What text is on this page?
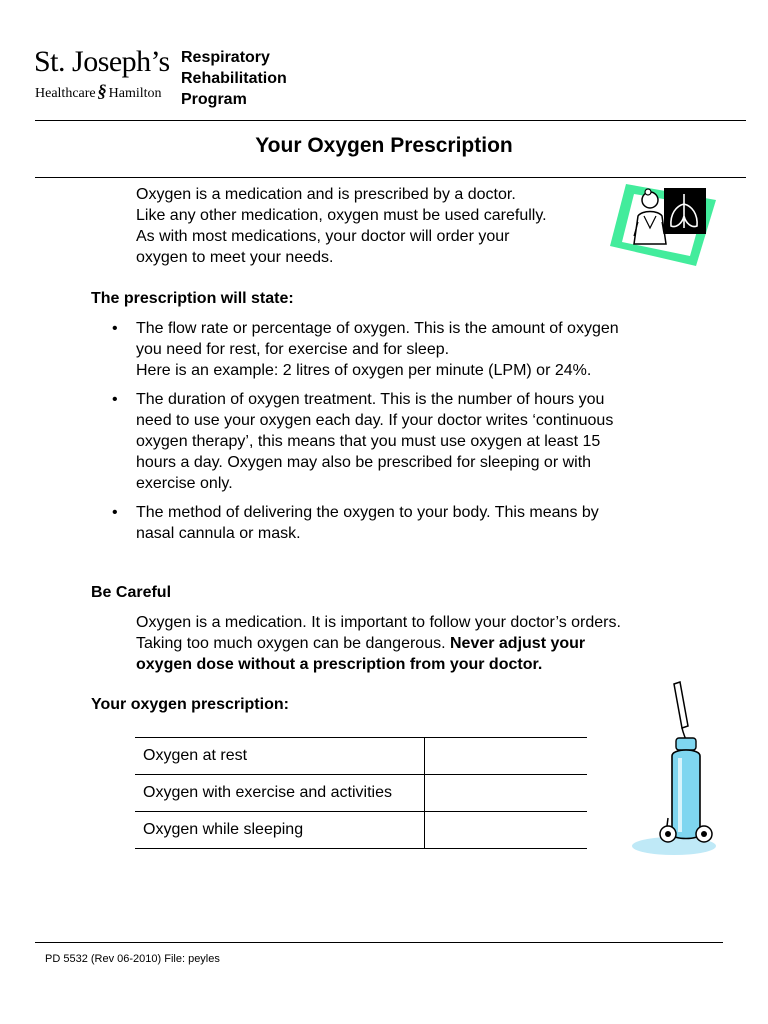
St. Joseph’s
Healthcare § Hamilton
Respiratory
Rehabilitation
Program
Your Oxygen Prescription
Oxygen is a medication and is prescribed by a doctor.
Like any other medication, oxygen must be used carefully.
As with most medications, your doctor will order your
oxygen to meet your needs.
The prescription will state:
• The flow rate or percentage of oxygen. This is the amount of oxygen
you need for rest, for exercise and for sleep.
Here is an example: 2 litres of oxygen per minute (LPM) or 24%.
• The duration of oxygen treatment. This is the number of hours you
need to use your oxygen each day. If your doctor writes ‘continuous
oxygen therapy’, this means that you must use oxygen at least 15
hours a day. Oxygen may also be prescribed for sleeping or with
exercise only.
• The method of delivering the oxygen to your body. This means by
nasal cannula or mask.
Be Careful
Oxygen is a medication. It is important to follow your doctor’s orders.
Taking too much oxygen can be dangerous. Never adjust your
oxygen dose without a prescription from your doctor.
Your oxygen prescription:
Oxygen at rest	
Oxygen with exercise and activities	
Oxygen while sleeping	
PD 5532 (Rev 06-2010) File: peyles
